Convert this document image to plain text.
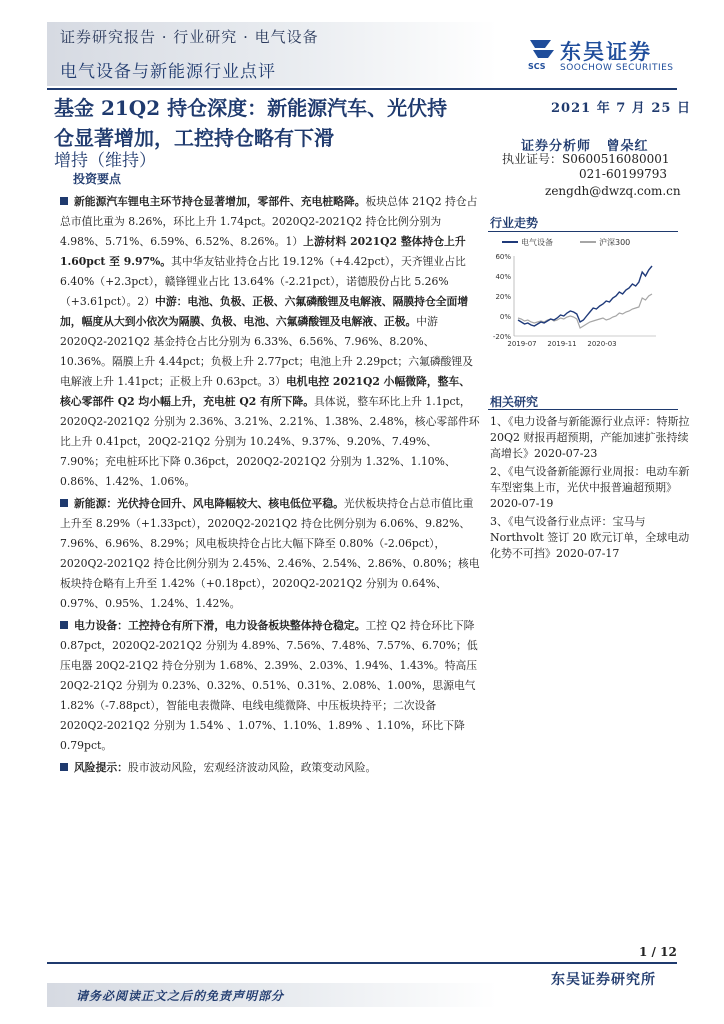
证券研究报告 · 行业研究 · 电气设备
电气设备与新能源行业点评	SCS
东吴证券
SOOCHOW SECURITIES
基金 21Q2 持仓深度：新能源汽车、光伏持
仓显著增加，工控持仓略有下滑
增持（维持）
2021 年 7 月 25 日
证券分析师 曾朵红
执业证号：S0600516080001
021-60199793
zengdh@dwzq.com.cn
投资要点

新能源汽车锂电主环节持仓显著增加，零部件、充电桩略降。板块总体 21Q2 持仓占总市值比重为 8.26%，环比上升 1.74pct。2020Q2-2021Q2 持仓比例分别为 4.98%、5.71%、6.59%、6.52%、8.26%。1）上游材料 2021Q2 整体持仓上升 1.60pct 至 9.97%。其中华友钴业持仓占比 19.12%（+4.42pct），天齐锂业占比 6.40%（+2.3pct），赣锋锂业占比 13.64%（-2.21pct），诺德股份占比 5.26%（+3.61pct）。2）中游：电池、负极、正极、六氟磷酸锂及电解液、隔膜持仓全面增加，幅度从大到小依次为隔膜、负极、电池、六氟磷酸锂及电解液、正极。中游 2020Q2-2021Q2 基金持仓占比分别为 6.33%、6.56%、7.96%、8.20%、10.36%。隔膜上升 4.44pct；负极上升 2.77pct；电池上升 2.29pct；六氟磷酸锂及电解液上升 1.41pct；正极上升 0.63pct。3）电机电控 2021Q2 小幅微降，整车、核心零部件 Q2 均小幅上升，充电桩 Q2 有所下降。具体说，整车环比上升 1.1pct，2020Q2-2021Q2 分别为 2.36%、3.21%、2.21%、1.38%、2.48%，核心零部件环比上升 0.41pct，20Q2-21Q2 分别为 10.24%、9.37%、9.20%、7.49%、7.90%；充电桩环比下降 0.36pct，2020Q2-2021Q2 分别为 1.32%、1.10%、0.86%、1.42%、1.06%。

新能源：光伏持仓回升、风电降幅较大、核电低位平稳。光伏板块持仓占总市值比重上升至 8.29%（+1.33pct），2020Q2-2021Q2 持仓比例分别为 6.06%、9.82%、7.96%、6.96%、8.29%；风电板块持仓占比大幅下降至 0.80%（-2.06pct），2020Q2-2021Q2 持仓比例分别为 2.45%、2.46%、2.54%、2.86%、0.80%；核电板块持仓略有上升至 1.42%（+0.18pct），2020Q2-2021Q2 分别为 0.64%、0.97%、0.95%、1.24%、1.42%。

电力设备：工控持仓有所下滑，电力设备板块整体持仓稳定。工控 Q2 持仓环比下降 0.87pct，2020Q2-2021Q2 分别为 4.89%、7.56%、7.48%、7.57%、6.70%；低压电器 20Q2-21Q2 持仓分别为 1.68%、2.39%、2.03%、1.94%、1.43%。特高压 20Q2-21Q2 分别为 0.23%、0.32%、0.51%、0.31%、2.08%、1.00%，思源电气 1.82%（-7.88pct），智能电表微降、电线电缆微降、中压板块持平；二次设备 2020Q2-2021Q2 分别为 1.54% 、1.07%、1.10%、1.89% 、1.10%，环比下降 0.79pct。

风险提示：股市波动风险，宏观经济波动风险，政策变动风险。

行业走势
电气设备	沪深300
60%
40%
20%
0%
-20%
2019-07 2019-11 2020-03
相关研究

1、《电力设备与新能源行业点评：特斯拉 20Q2 财报再超预期，产能加速扩张持续高增长》2020-07-23

2、《电气设备新能源行业周报：电动车新车型密集上市，光伏中报普遍超预期》2020-07-19

3、《电气设备行业点评：宝马与 Northvolt 签订 20 欧元订单，全球电动化势不可挡》2020-07-17

1 / 12
东吴证券研究所
请务必阅读正文之后的免责声明部分
